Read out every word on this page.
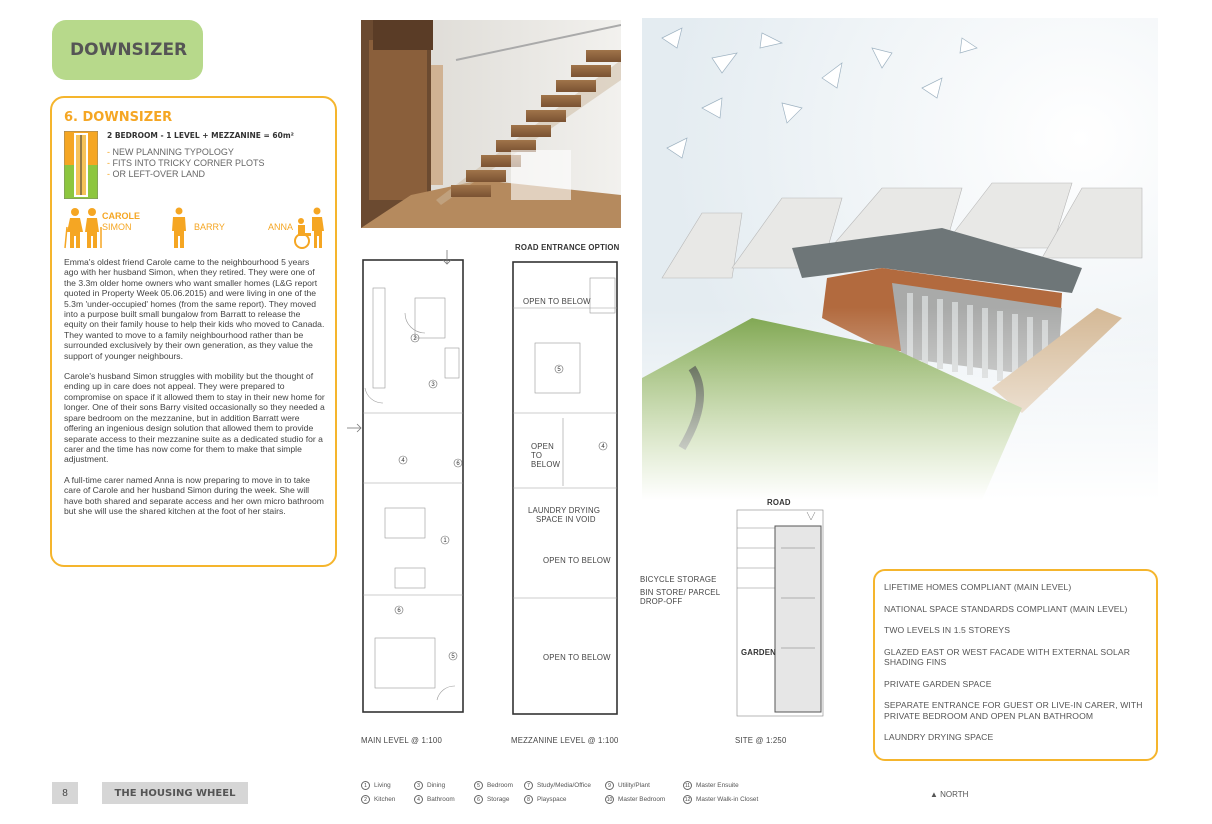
DOWNSIZER
6. DOWNSIZER
2 BEDROOM - 1 LEVEL + MEZZANINE = 60m²
- NEW PLANNING TYPOLOGY
- FITS INTO TRICKY CORNER PLOTS
- OR LEFT-OVER LAND
CAROLE
SIMON	BARRY	ANNA

Emma's oldest friend Carole came to the neighbourhood 5 years ago with her husband Simon, when they retired. They were one of the 3.3m older home owners who want smaller homes (L&G report quoted in Property Week 05.06.2015) and were living in one of the 5.3m 'under-occupied' homes (from the same report). They moved into a purpose built small bungalow from Barratt to release the equity on their family house to help their kids who moved to Canada. They wanted to move to a family neighbourhood rather than be surrounded exclusively by their own generation, as they value the support of younger neighbours.

Carole's husband Simon struggles with mobility but the thought of ending up in care does not appeal. They were prepared to compromise on space if it allowed them to stay in their new home for longer. One of their sons Barry visited occasionally so they needed a spare bedroom on the mezzanine, but in addition Barratt were offering an ingenious design solution that allowed them to provide separate access to their mezzanine suite as a dedicated studio for a carer and the time has now come for them to make that simple adjustment.

A full-time carer named Anna is now preparing to move in to take care of Carole and her husband Simon during the week. She will have both shared and separate access and her own micro bathroom but she will use the shared kitchen at the foot of her stairs.

2
3
4	6
1
6
5
ROAD ENTRANCE OPTION
5
4
OPEN TO BELOW
OPEN
TO
BELOW
LAUNDRY DRYING
SPACE IN VOID
OPEN TO BELOW
OPEN TO BELOW
ROAD
GARDEN
BICYCLE STORAGE
BIN STORE/ PARCEL
DROP-OFF
MAIN LEVEL @ 1:100	MEZZANINE LEVEL @ 1:100	SITE @ 1:250
LIFETIME HOMES COMPLIANT (MAIN LEVEL)
NATIONAL SPACE STANDARDS COMPLIANT (MAIN LEVEL)
TWO LEVELS IN 1.5 STOREYS
GLAZED EAST OR WEST FACADE WITH EXTERNAL SOLAR SHADING FINS
PRIVATE GARDEN SPACE
SEPARATE ENTRANCE FOR GUEST OR LIVE-IN CARER, WITH PRIVATE BEDROOM AND OPEN PLAN BATHROOM
LAUNDRY DRYING SPACE
8	THE HOUSING WHEEL
1	Living
2	Kitchen
3	Dining
4	Bathroom
5	Bedroom
6	Storage
7	Study/Media/Office
8	Playspace
9	Utility/Plant
10 Master Bedroom
11 Master Ensuite
12 Master Walk-in Closet
▲ NORTH
